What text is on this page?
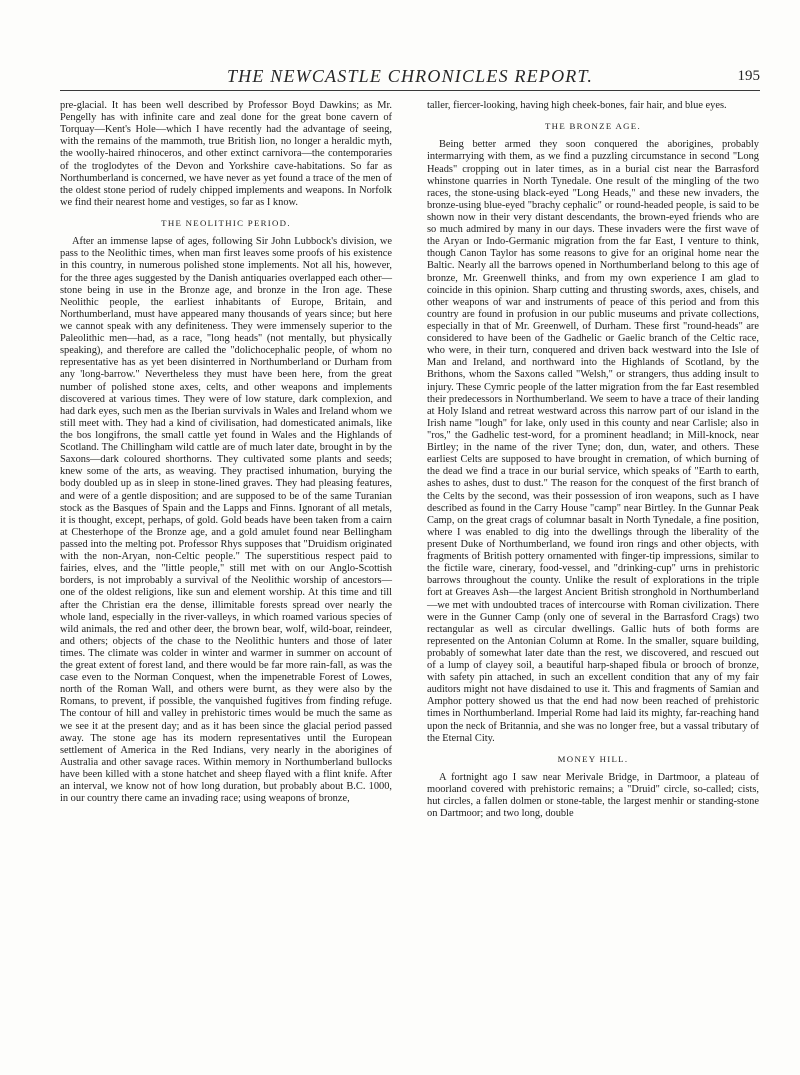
THE NEWCASTLE CHRONICLES REPORT.	195

pre-glacial. It has been well described by Professor Boyd Dawkins; as Mr. Pengelly has with infinite care and zeal done for the great bone cavern of Torquay—Kent's Hole—which I have recently had the advantage of seeing, with the remains of the mammoth, true British lion, no longer a heraldic myth, the woolly-haired rhinoceros, and other extinct carnivora—the contemporaries of the troglodytes of the Devon and Yorkshire cave-habitations. So far as Northumberland is concerned, we have never as yet found a trace of the men of the oldest stone period of rudely chipped implements and weapons. In Norfolk we find their nearest home and vestiges, so far as I know.

THE NEOLITHIC PERIOD.

After an immense lapse of ages, following Sir John Lubbock's division, we pass to the Neolithic times, when man first leaves some proofs of his existence in this country, in numerous polished stone implements. Not all his, however, for the three ages suggested by the Danish antiquaries overlapped each other—stone being in use in the Bronze age, and bronze in the Iron age. These Neolithic people, the earliest inhabitants of Europe, Britain, and Northumberland, must have appeared many thousands of years since; but here we cannot speak with any definiteness. They were immensely superior to the Paleolithic men—had, as a race, "long heads" (not mentally, but physically speaking), and therefore are called the "dolichocephalic people, of whom no representative has as yet been disinterred in Northumberland or Durham from any 'long-barrow." Nevertheless they must have been here, from the great number of polished stone axes, celts, and other weapons and implements discovered at various times. They were of low stature, dark complexion, and had dark eyes, such men as the Iberian survivals in Wales and Ireland whom we still meet with. They had a kind of civilisation, had domesticated animals, like the bos longifrons, the small cattle yet found in Wales and the Highlands of Scotland. The Chillingham wild cattle are of much later date, brought in by the Saxons—dark coloured shorthorns. They cultivated some plants and seeds; knew some of the arts, as weaving. They practised inhumation, burying the body doubled up as in sleep in stone-lined graves. They had pleasing features, and were of a gentle disposition; and are supposed to be of the same Turanian stock as the Basques of Spain and the Lapps and Finns. Ignorant of all metals, it is thought, except, perhaps, of gold. Gold beads have been taken from a cairn at Chesterhope of the Bronze age, and a gold amulet found near Bellingham passed into the melting pot. Professor Rhys supposes that "Druidism originated with the non-Aryan, non-Celtic people." The superstitious respect paid to fairies, elves, and the "little people," still met with on our Anglo-Scottish borders, is not improbably a survival of the Neolithic worship of ancestors—one of the oldest religions, like sun and element worship. At this time and till after the Christian era the dense, illimitable forests spread over nearly the whole land, especially in the river-valleys, in which roamed various species of wild animals, the red and other deer, the brown bear, wolf, wild-boar, reindeer, and others; objects of the chase to the Neolithic hunters and those of later times. The climate was colder in winter and warmer in summer on account of the great extent of forest land, and there would be far more rain-fall, as was the case even to the Norman Conquest, when the impenetrable Forest of Lowes, north of the Roman Wall, and others were burnt, as they were also by the Romans, to prevent, if possible, the vanquished fugitives from finding refuge. The contour of hill and valley in prehistoric times would be much the same as we see it at the present day; and as it has been since the glacial period passed away. The stone age has its modern representatives until the European settlement of America in the Red Indians, very nearly in the aborigines of Australia and other savage races. Within memory in Northumberland bullocks have been killed with a stone hatchet and sheep flayed with a flint knife. After an interval, we know not of how long duration, but probably about B.C. 1000, in our country there came an invading race; using weapons of bronze,

taller, fiercer-looking, having high cheek-bones, fair hair, and blue eyes.

THE BRONZE AGE.

Being better armed they soon conquered the aborigines, probably intermarrying with them, as we find a puzzling circumstance in second "Long Heads" cropping out in later times, as in a burial cist near the Barrasford whinstone quarries in North Tynedale. One result of the mingling of the two races, the stone-using black-eyed "Long Heads," and these new invaders, the bronze-using blue-eyed "brachy cephalic" or round-headed people, is said to be shown now in their very distant descendants, the brown-eyed friends who are so much admired by many in our days. These invaders were the first wave of the Aryan or Indo-Germanic migration from the far East, I venture to think, though Canon Taylor has some reasons to give for an original home near the Baltic. Nearly all the barrows opened in Northumberland belong to this age of bronze, Mr. Greenwell thinks, and from my own experience I am glad to coincide in this opinion. Sharp cutting and thrusting swords, axes, chisels, and other weapons of war and instruments of peace of this period and from this country are found in profusion in our public museums and private collections, especially in that of Mr. Greenwell, of Durham. These first "round-heads" are considered to have been of the Gadhelic or Gaelic branch of the Celtic race, who were, in their turn, conquered and driven back westward into the Isle of Man and Ireland, and northward into the Highlands of Scotland, by the Brithons, whom the Saxons called "Welsh," or strangers, thus adding insult to injury. These Cymric people of the latter migration from the far East resembled their predecessors in Northumberland. We seem to have a trace of their landing at Holy Island and retreat westward across this narrow part of our island in the Irish name "lough" for lake, only used in this county and near Carlisle; also in "ros," the Gadhelic test-word, for a prominent headland; in Mill-knock, near Birtley; in the name of the river Tyne; don, dun, water, and others. These earliest Celts are supposed to have brought in cremation, of which burning of the dead we find a trace in our burial service, which speaks of "Earth to earth, ashes to ashes, dust to dust." The reason for the conquest of the first branch of the Celts by the second, was their possession of iron weapons, such as I have described as found in the Carry House "camp" near Birtley. In the Gunnar Peak Camp, on the great crags of columnar basalt in North Tynedale, a fine position, where I was enabled to dig into the dwellings through the liberality of the present Duke of Northumberland, we found iron rings and other objects, with fragments of British pottery ornamented with finger-tip impressions, similar to the fictile ware, cinerary, food-vessel, and "drinking-cup" urns in prehistoric barrows throughout the county. Unlike the result of explorations in the triple fort at Greaves Ash—the largest Ancient British stronghold in Northumberland—we met with undoubted traces of intercourse with Roman civilization. There were in the Gunner Camp (only one of several in the Barrasford Crags) two rectangular as well as circular dwellings. Gallic huts of both forms are represented on the Antonian Column at Rome. In the smaller, square building, probably of somewhat later date than the rest, we discovered, and rescued out of a lump of clayey soil, a beautiful harp-shaped fibula or brooch of bronze, with safety pin attached, in such an excellent condition that any of my fair auditors might not have disdained to use it. This and fragments of Samian and Amphor pottery showed us that the end had now been reached of prehistoric times in Northumberland. Imperial Rome had laid its mighty, far-reaching hand upon the neck of Britannia, and she was no longer free, but a vassal tributary of the Eternal City.

MONEY HILL.

A fortnight ago I saw near Merivale Bridge, in Dartmoor, a plateau of moorland covered with prehistoric remains; a "Druid" circle, so-called; cists, hut circles, a fallen dolmen or stone-table, the largest menhir or standing-stone on Dartmoor; and two long, double
